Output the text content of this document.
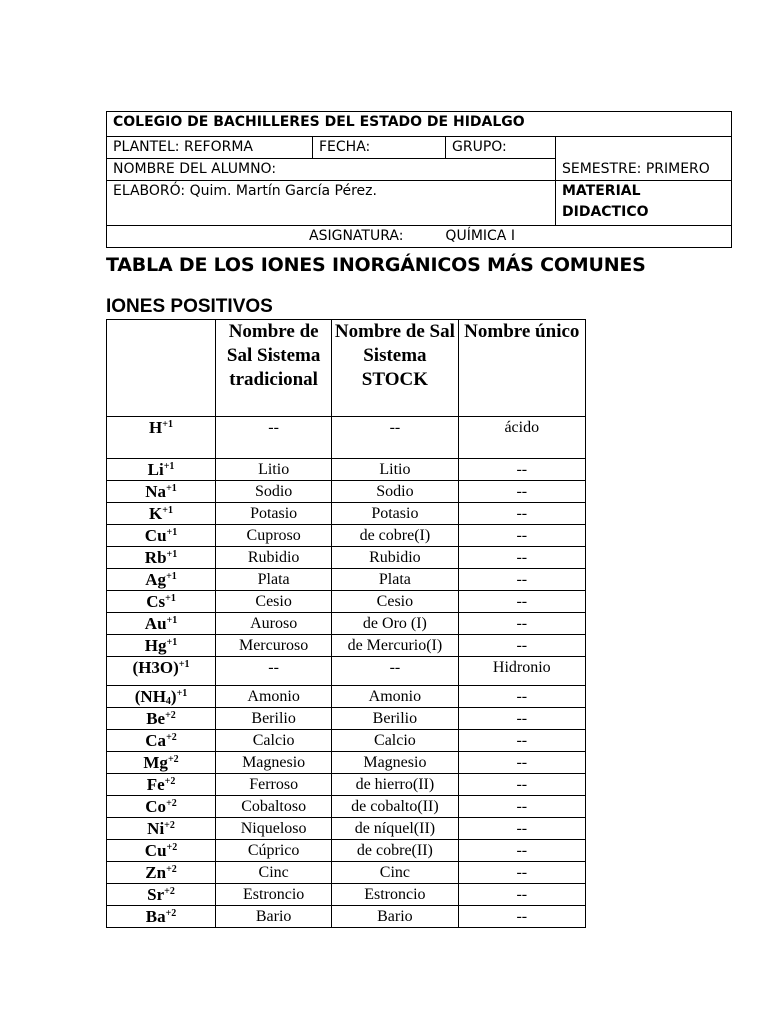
COLEGIO DE BACHILLERES DEL ESTADO DE HIDALGO			
PLANTEL: REFORMA	FECHA:	GRUPO:	SEMESTRE: PRIMERO
NOMBRE DEL ALUMNO:			
ELABORÓ: Quim. Martín García Pérez.			MATERIAL DIDACTICO
ASIGNATURA: QUÍMICA I			
TABLA DE LOS IONES INORGÁNICOS MÁS COMUNES
IONES POSITIVOS
	Nombre de Sal Sistema tradicional	Nombre de Sal Sistema STOCK	Nombre único
$H^{+1}$	--	--	ácido
$Li^{+1}$	Litio	Litio	--
$Na^{+1}$	Sodio	Sodio	--
$K^{+1}$	Potasio	Potasio	--
$Cu^{+1}$	Cuproso	de cobre(I)	--
$Rb^{+1}$	Rubidio	Rubidio	--
$Ag^{+1}$	Plata	Plata	--
$Cs^{+1}$	Cesio	Cesio	--
$Au^{+1}$	Auroso	de Oro (I)	--
$Hg^{+1}$	Mercuroso	de Mercurio(I)	--
$(H3O)^{+1}$	--	--	Hidronio
$(NH_4)^{+1}$	Amonio	Amonio	--
$Be^{+2}$	Berilio	Berilio	--
$Ca^{+2}$	Calcio	Calcio	--
$Mg^{+2}$	Magnesio	Magnesio	--
$Fe^{+2}$	Ferroso	de hierro(II)	--
$Co^{+2}$	Cobaltoso	de cobalto(II)	--
$Ni^{+2}$	Niqueloso	de níquel(II)	--
$Cu^{+2}$	Cúprico	de cobre(II)	--
$Zn^{+2}$	Cinc	Cinc	--
$Sr^{+2}$	Estroncio	Estroncio	--
$Ba^{+2}$	Bario	Bario	--
